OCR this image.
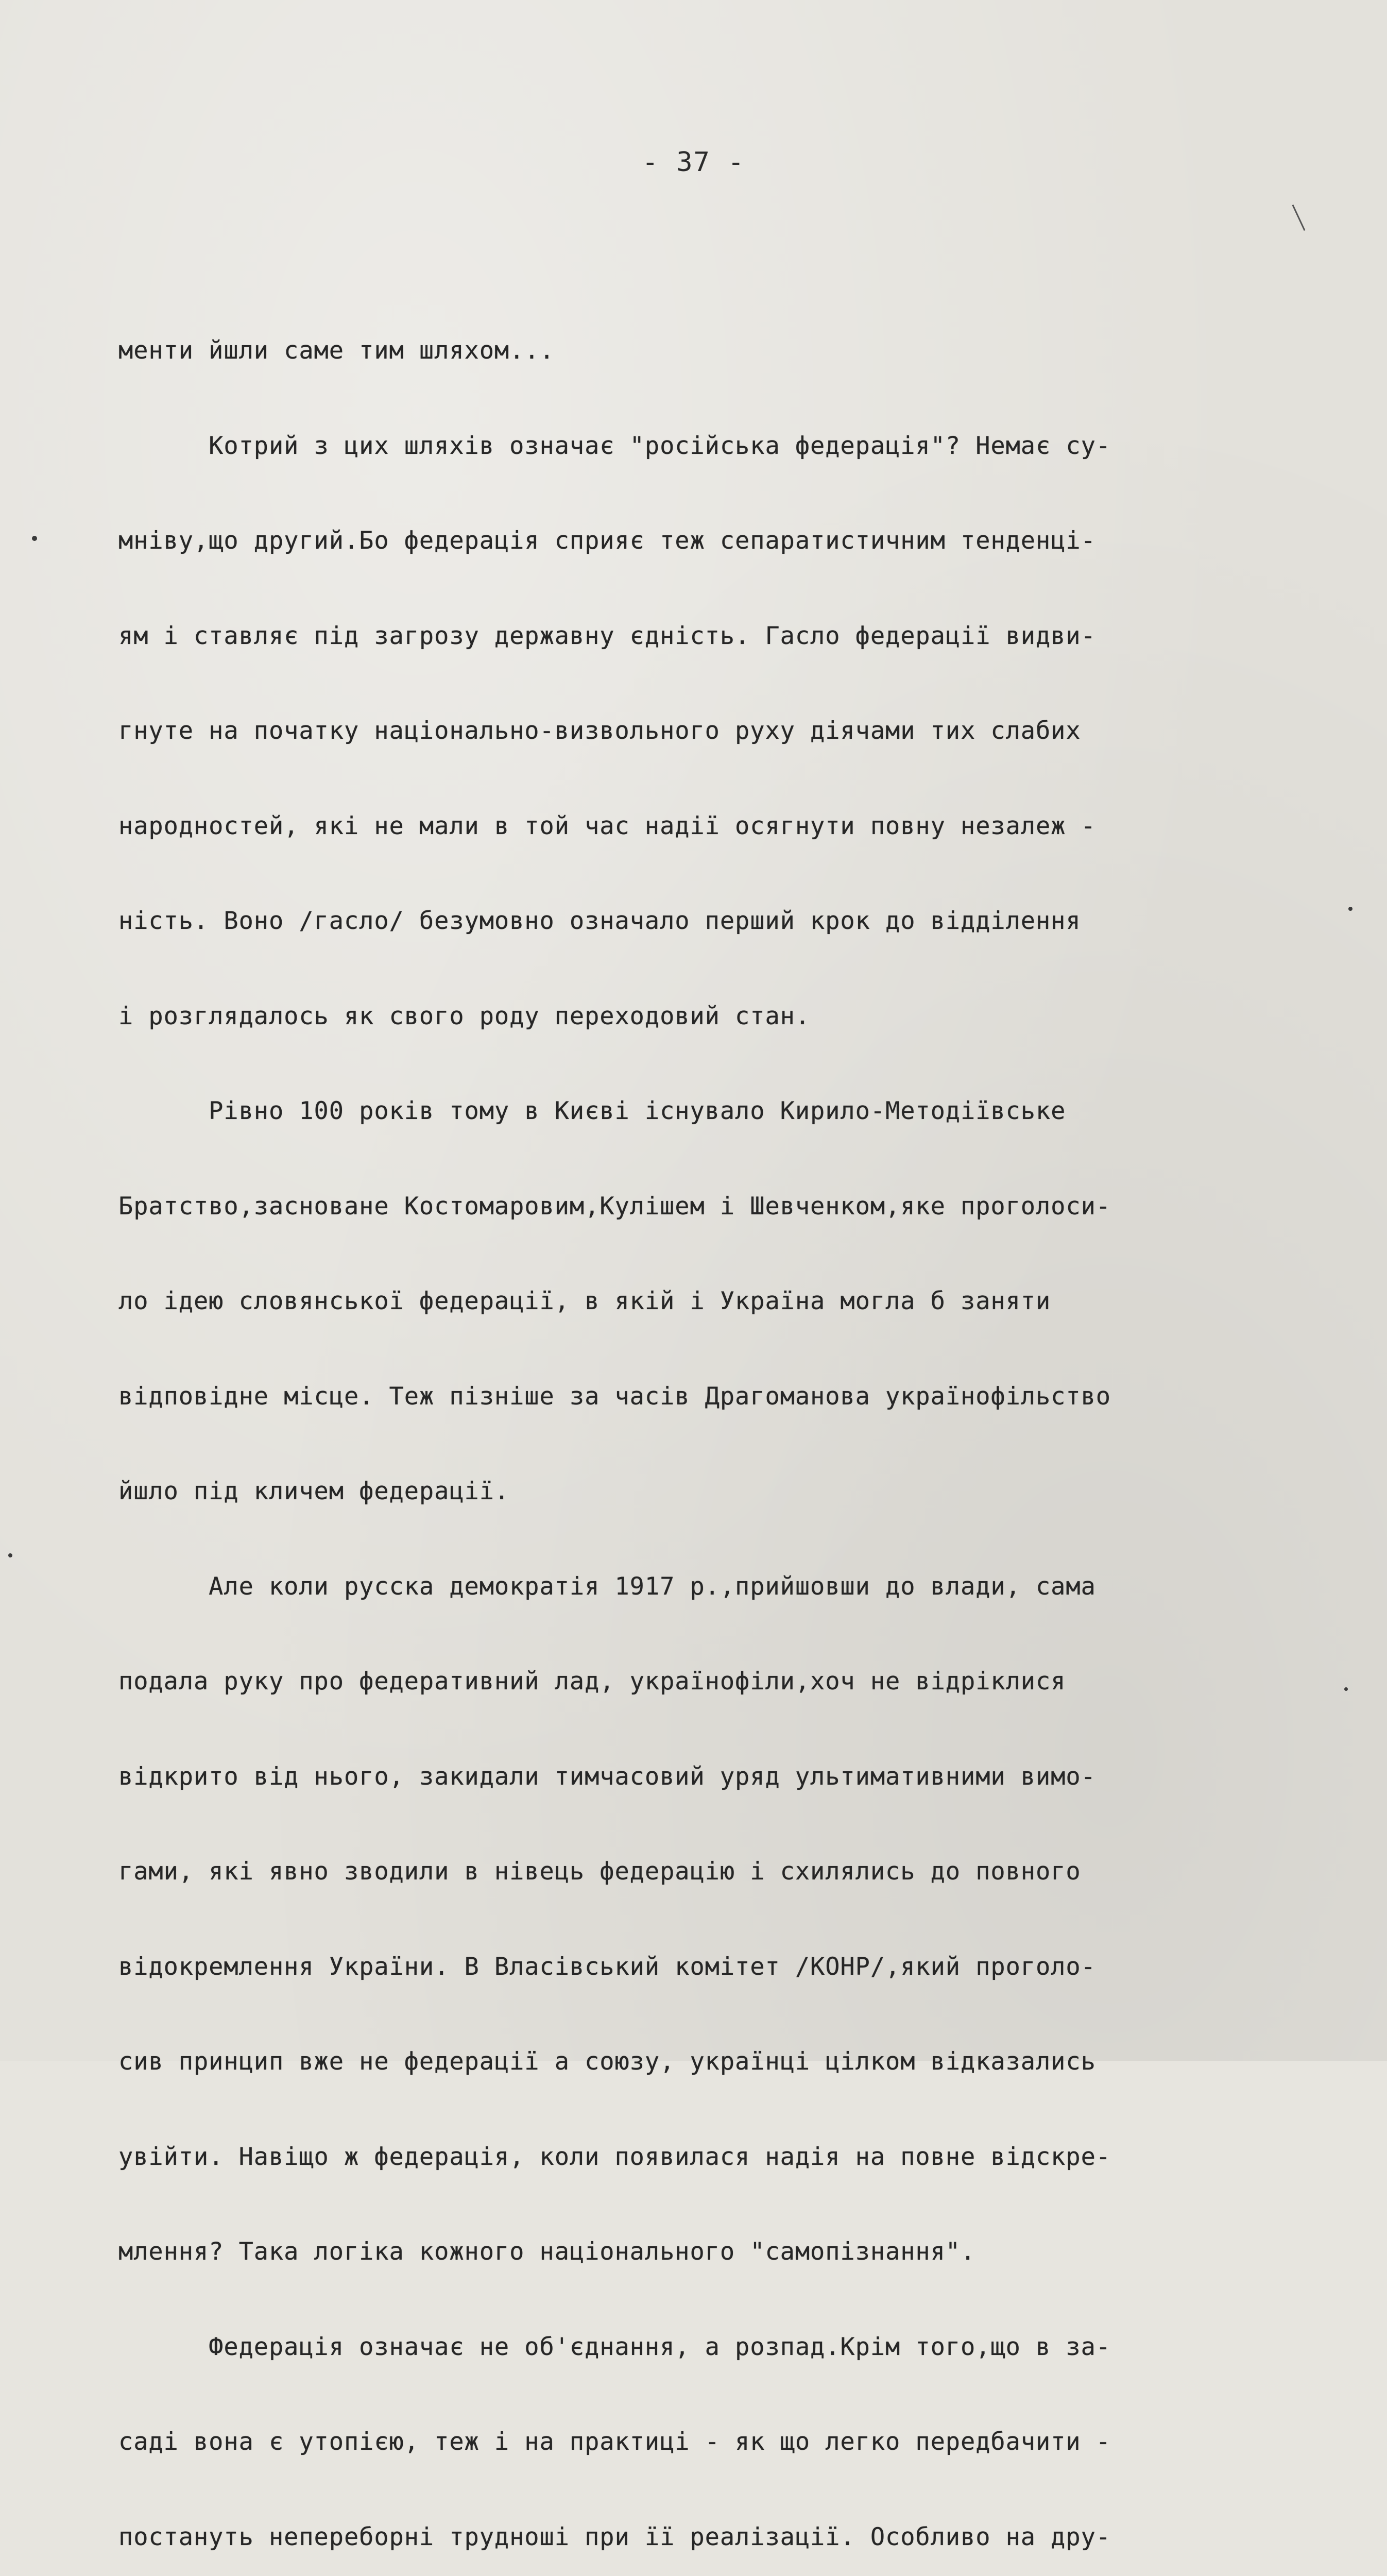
- 37 -

менти йшли саме тим шляхом...

Котрий з цих шляхів означає "російська федерація"? Немає су-

мніву,що другий.Бо федерація сприяє теж сепаратистичним тенденці-

ям і ставляє під загрозу державну єдність. Гасло федерації видви-

гнуте на початку національно-визвольного руху діячами тих слабих

народностей, які не мали в той час надії осягнути повну незалеж -

ність. Воно /гасло/ безумовно означало перший крок до відділення

і розглядалось як свого роду переходовий стан.

Рівно 100 років тому в Києві існувало Кирило-Методіївське

Братство,засноване Костомаровим,Кулішем і Шевченком,яке проголоси-

ло ідею словянської федерації, в якій і Україна могла б заняти

відповідне місце. Теж пізніше за часів Драгоманова українофільство

йшло під кличем федерації.

Але коли русска демократія 1917 р.,прийшовши до влади, сама

подала руку про федеративний лад, українофіли,хоч не відріклися

відкрито від нього, закидали тимчасовий уряд ультимативними вимо-

гами, які явно зводили в нівець федерацію і схилялись до повного

відокремлення України. В Власівський комітет /КОНР/,який проголо-

сив принцип вже не федерації а союзу, українці цілком відказались

увійти. Навіщо ж федерація, коли появилася надія на повне відскре-

млення? Така логіка кожного національного "самопізнання".

Федерація означає не об'єднання, а розпад.Крім того,що в за-

саді вона є утопією, теж і на практиці - як що легко передбачити -

постануть непереборні трудноші при її реалізації. Особливо на дру-
